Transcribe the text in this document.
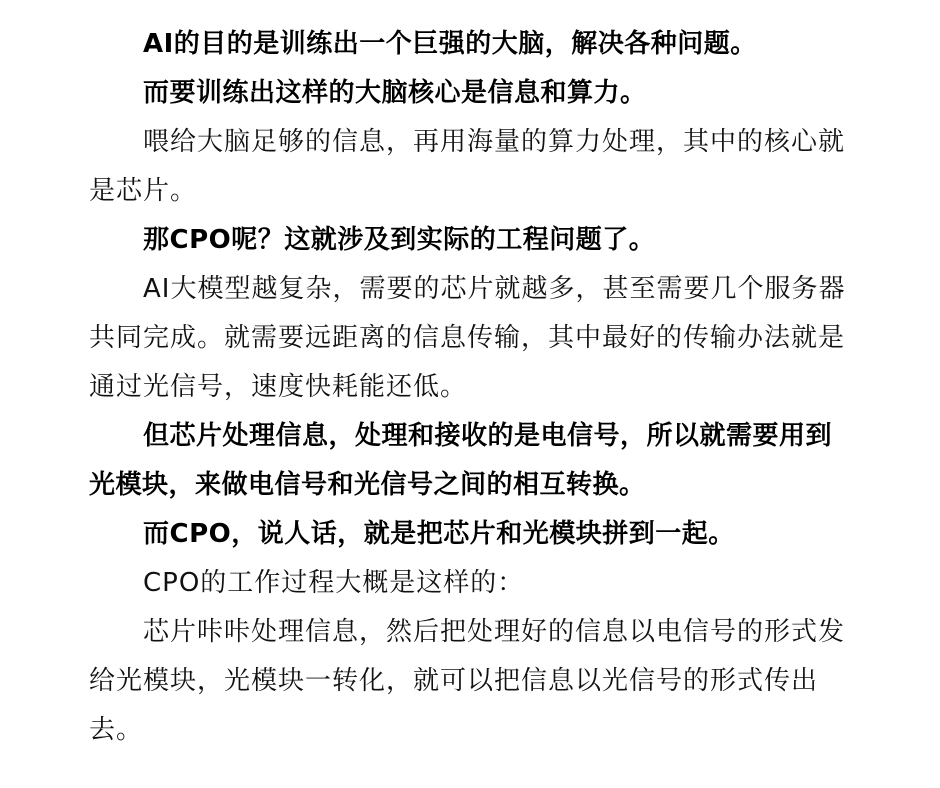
AI的目的是训练出一个巨强的大脑，解决各种问题。

而要训练出这样的大脑核心是信息和算力。

喂给大脑足够的信息，再用海量的算力处理，其中的核心就是芯片。

那CPO呢？这就涉及到实际的工程问题了。

AI大模型越复杂，需要的芯片就越多，甚至需要几个服务器共同完成。就需要远距离的信息传输，其中最好的传输办法就是通过光信号，速度快耗能还低。

但芯片处理信息，处理和接收的是电信号，所以就需要用到光模块，来做电信号和光信号之间的相互转换。

而CPO，说人话，就是把芯片和光模块拼到一起。

CPO的工作过程大概是这样的：

芯片咔咔处理信息，然后把处理好的信息以电信号的形式发给光模块，光模块一转化，就可以把信息以光信号的形式传出去。
